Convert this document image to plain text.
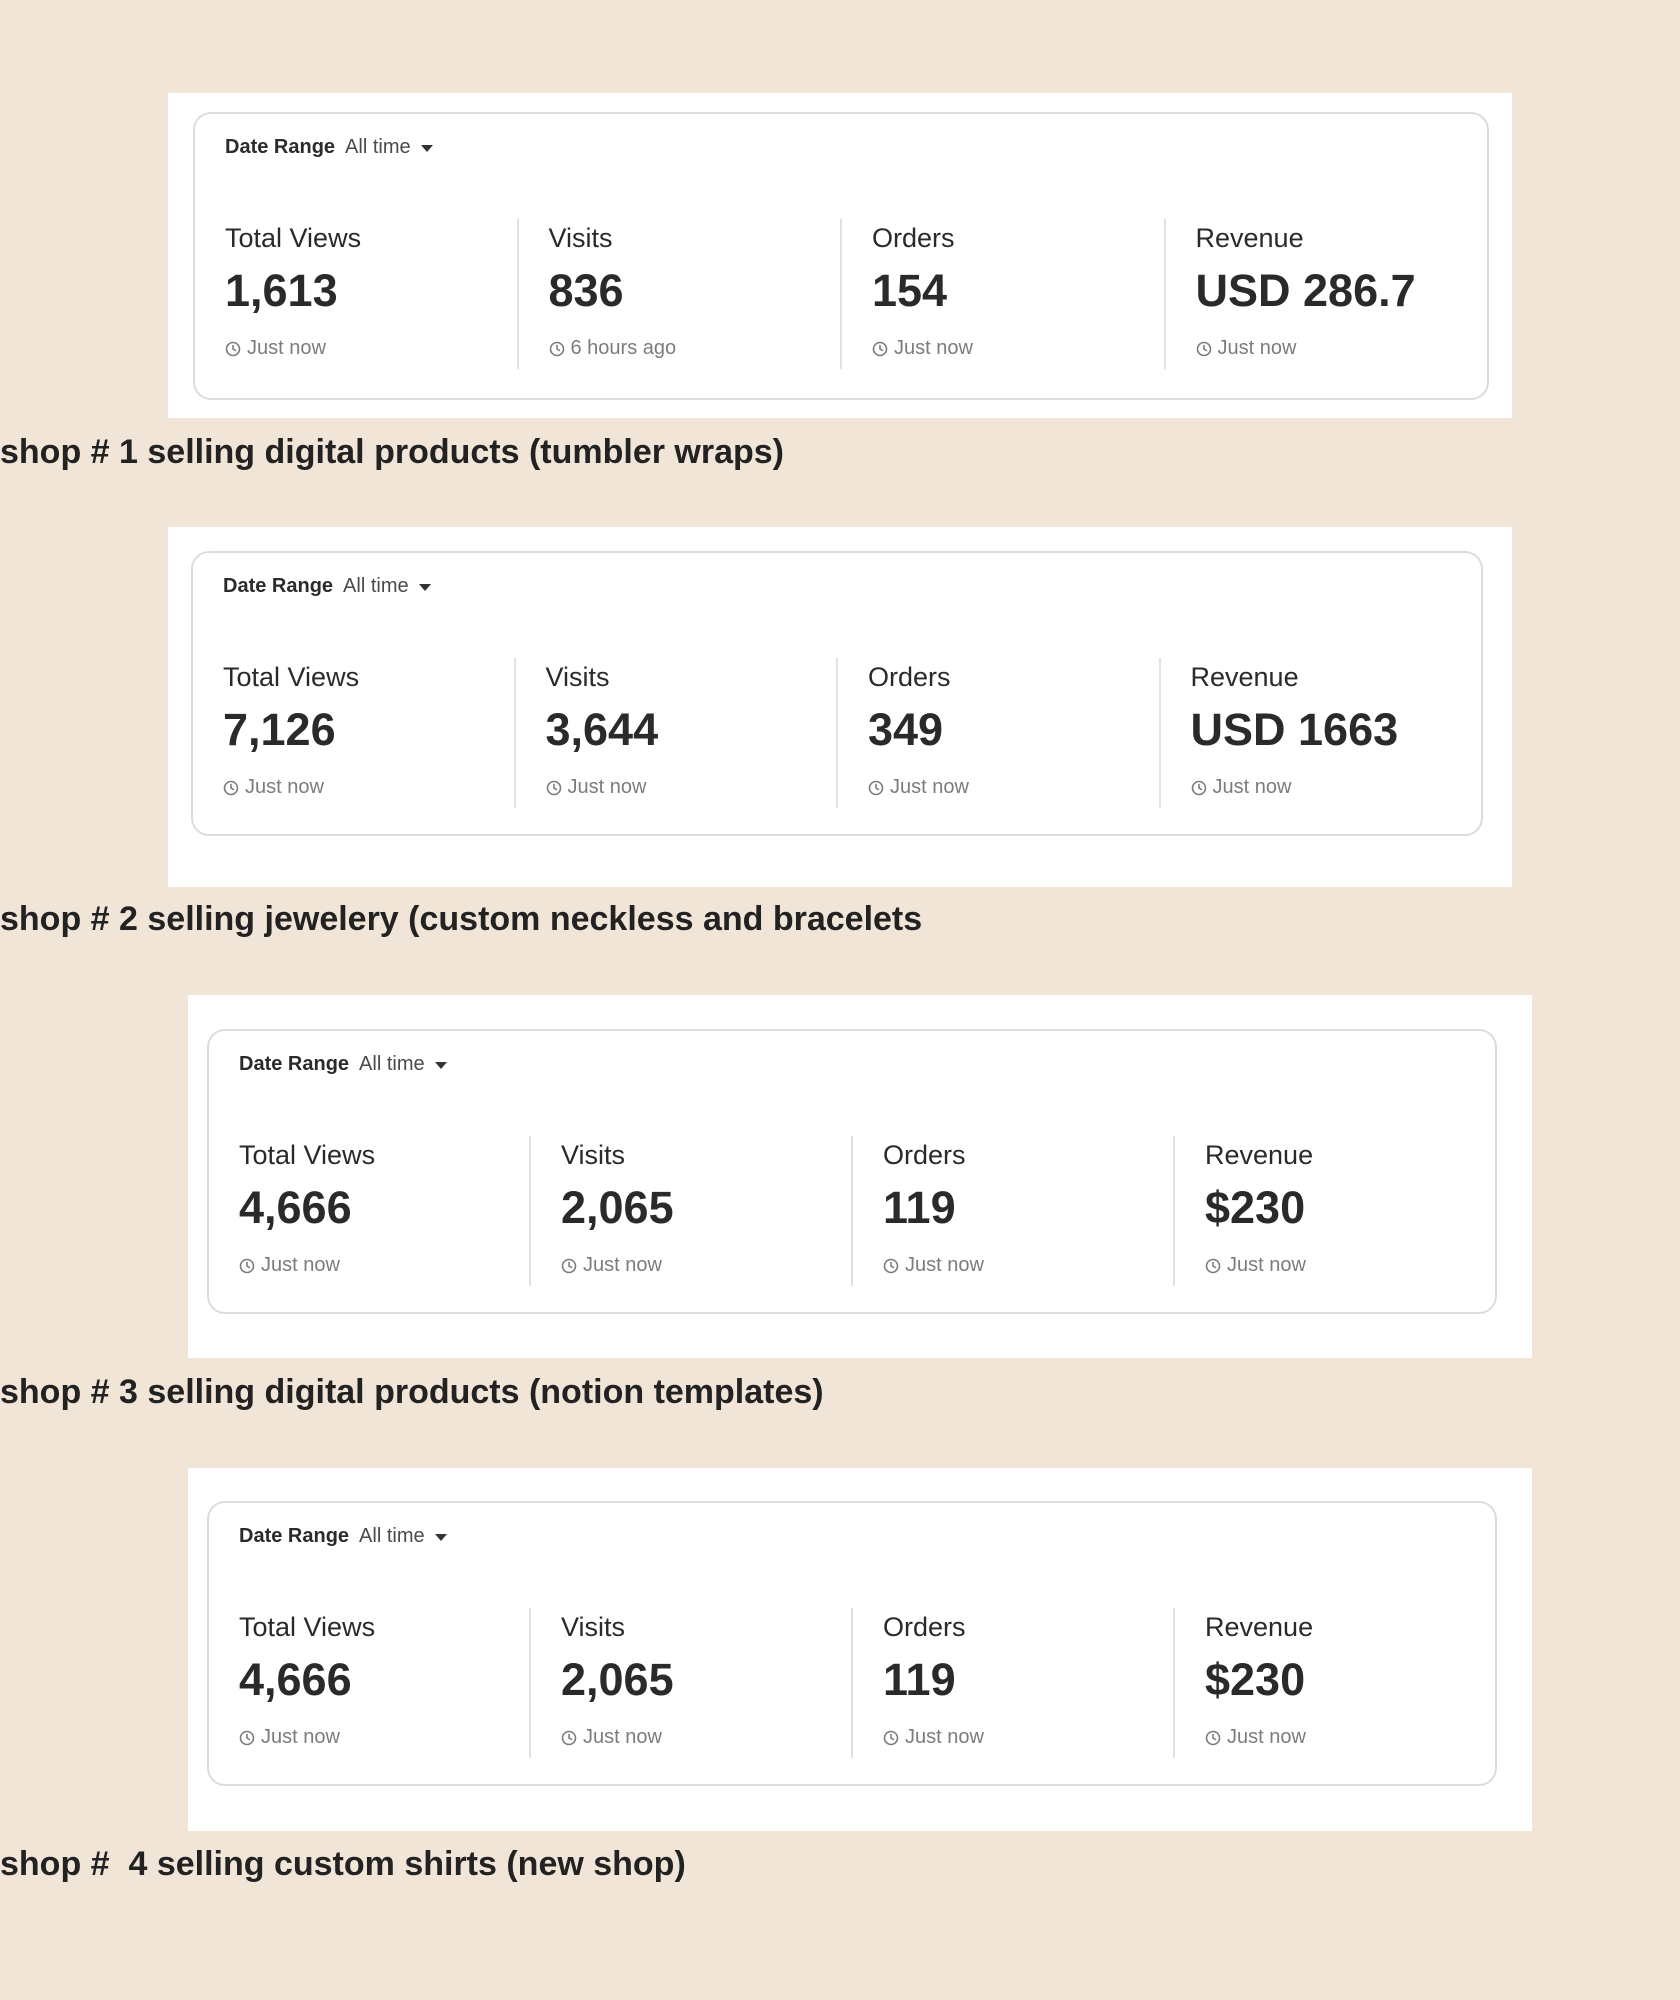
Date Range All time
Total Views
1,613
Just now
Visits
836
6 hours ago
Orders
154
Just now
Revenue
USD 286.7
Just now
shop # 1 selling digital products (tumbler wraps)
Date Range All time
Total Views
7,126
Just now
Visits
3,644
Just now
Orders
349
Just now
Revenue
USD 1663
Just now
shop # 2 selling jewelery (custom neckless and bracelets
Date Range All time
Total Views
4,666
Just now
Visits
2,065
Just now
Orders
119
Just now
Revenue
$230
Just now
shop # 3 selling digital products (notion templates)
Date Range All time
Total Views
4,666
Just now
Visits
2,065
Just now
Orders
119
Just now
Revenue
$230
Just now
shop #  4 selling custom shirts (new shop)
